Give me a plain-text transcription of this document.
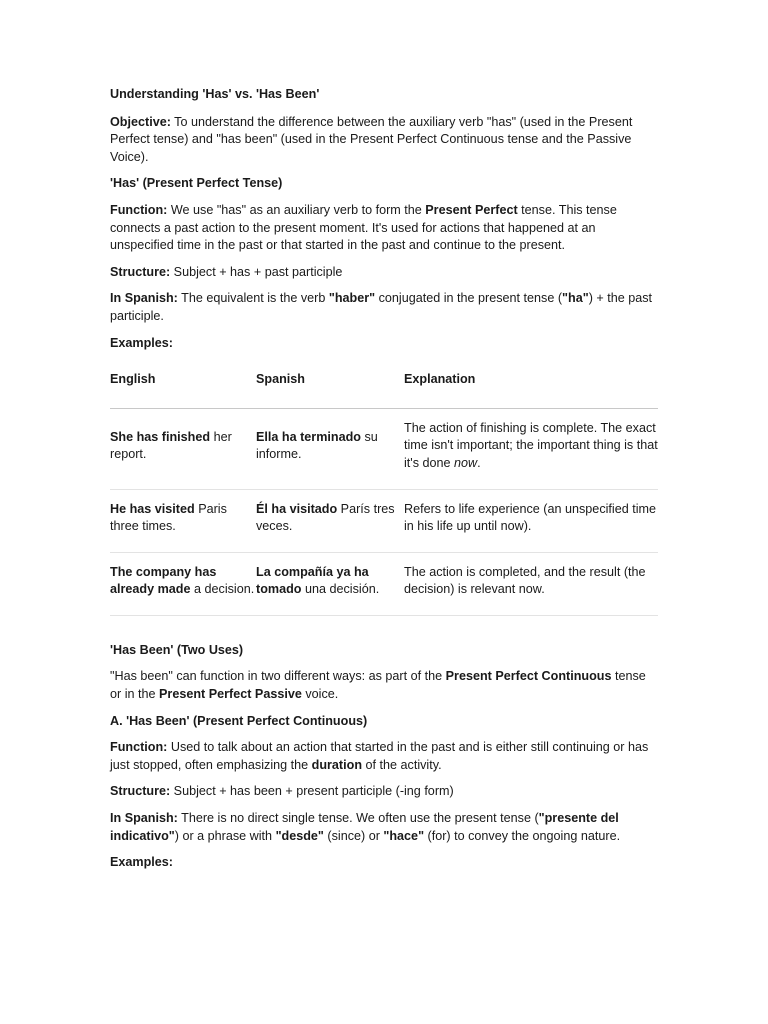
Understanding 'Has' vs. 'Has Been'

Objective: To understand the difference between the auxiliary verb "has" (used in the Present Perfect tense) and "has been" (used in the Present Perfect Continuous tense and the Passive Voice).

'Has' (Present Perfect Tense)

Function: We use "has" as an auxiliary verb to form the Present Perfect tense. This tense connects a past action to the present moment. It's used for actions that happened at an unspecified time in the past or that started in the past and continue to the present.

Structure: Subject + has + past participle

In Spanish: The equivalent is the verb "haber" conjugated in the present tense ("ha") + the past participle.

Examples:

English	Spanish	Explanation
She has finished her report.	Ella ha terminado su informe.	The action of finishing is complete. The exact time isn't important; the important thing is that it's done now.
He has visited Paris three times.	Él ha visitado París tres veces.	Refers to life experience (an unspecified time in his life up until now).
The company has already made a decision.	La compañía ya ha tomado una decisión.	The action is completed, and the result (the decision) is relevant now.

'Has Been' (Two Uses)

"Has been" can function in two different ways: as part of the Present Perfect Continuous tense or in the Present Perfect Passive voice.

A. 'Has Been' (Present Perfect Continuous)

Function: Used to talk about an action that started in the past and is either still continuing or has just stopped, often emphasizing the duration of the activity.

Structure: Subject + has been + present participle (-ing form)

In Spanish: There is no direct single tense. We often use the present tense ("presente del indicativo") or a phrase with "desde" (since) or "hace" (for) to convey the ongoing nature.

Examples:
